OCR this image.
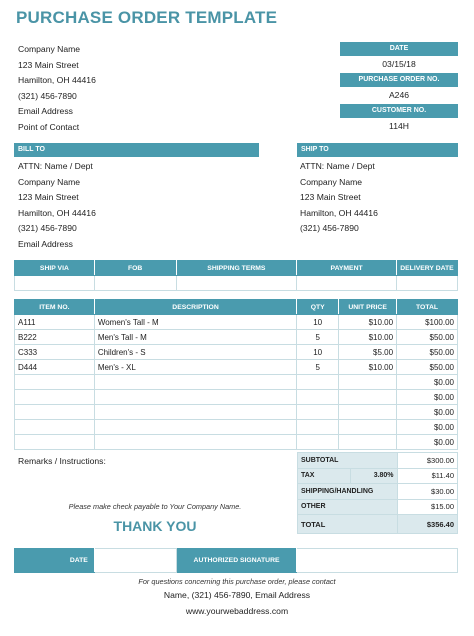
PURCHASE ORDER TEMPLATE
Company Name
123 Main Street
Hamilton, OH 44416
(321) 456-7890
Email Address
Point of Contact
DATE
03/15/18
PURCHASE ORDER NO.
A246
CUSTOMER NO.
114H
BILL TO
ATTN: Name / Dept
Company Name
123 Main Street
Hamilton, OH 44416
(321) 456-7890
Email Address
SHIP TO
ATTN: Name / Dept
Company Name
123 Main Street
Hamilton, OH 44416
(321) 456-7890
SHIP VIA	FOB	SHIPPING TERMS	PAYMENT	DELIVERY DATE

ITEM NO.	DESCRIPTION	QTY	UNIT PRICE	TOTAL
A111	Women's Tall - M	10	$10.00	$100.00
B222	Men's Tall - M	5	$10.00	$50.00
C333	Children's - S	10	$5.00	$50.00
D444	Men's - XL	5	$10.00	$50.00
				$0.00
				$0.00
				$0.00
				$0.00
				$0.00
Remarks / Instructions:
Please make check payable to Your Company Name.
THANK YOU
SUBTOTAL		$300.00
TAX	3.80%	$11.40
SHIPPING/HANDLING		$30.00
OTHER		$15.00
TOTAL		$356.40
DATE		AUTHORIZED SIGNATURE	
For questions concerning this purchase order, please contact
Name, (321) 456-7890, Email Address
www.yourwebaddress.com
